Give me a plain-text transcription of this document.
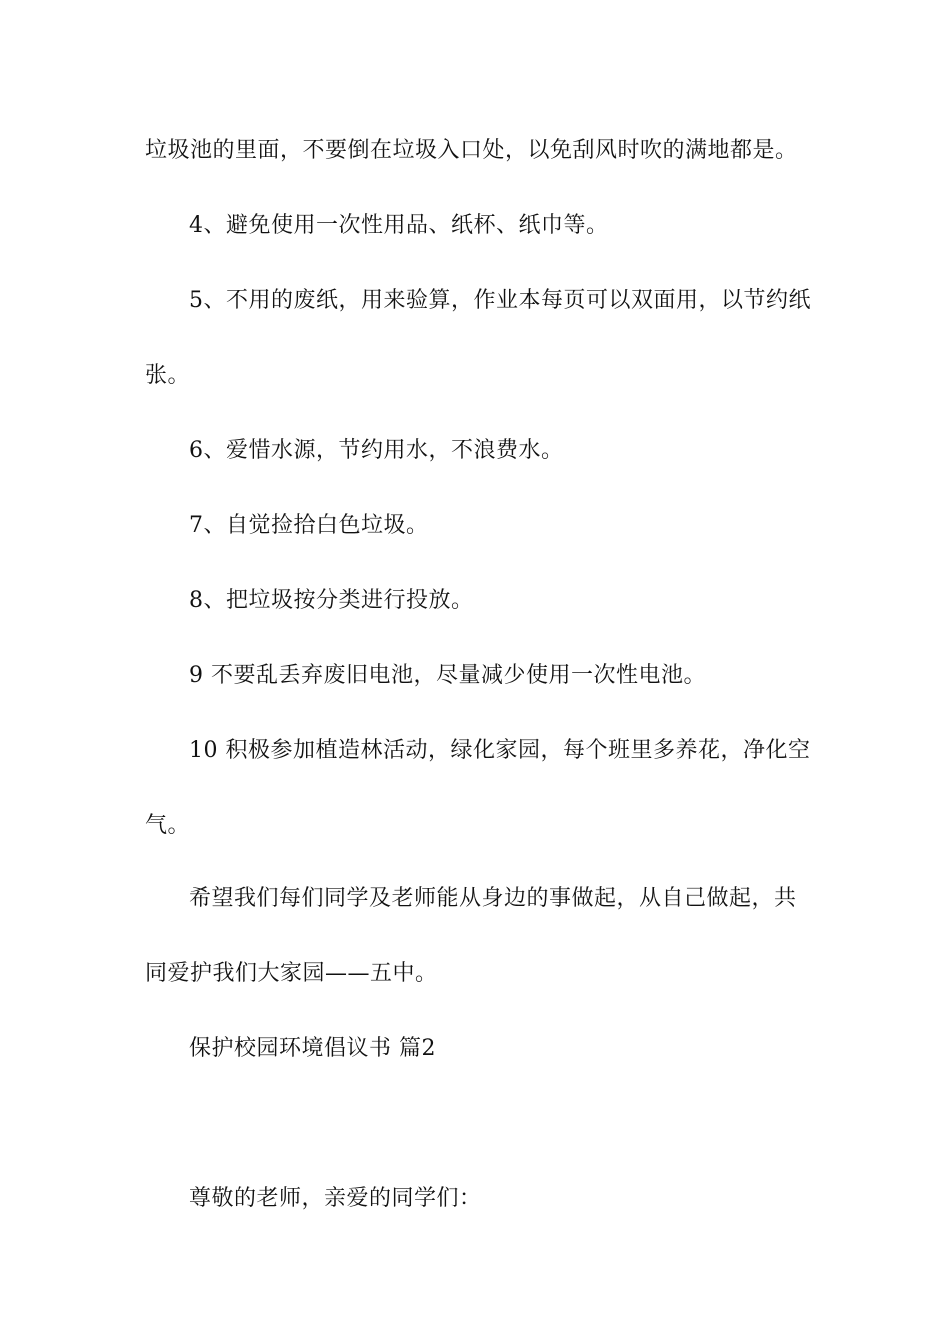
垃圾池的里面，不要倒在垃圾入口处，以免刮风时吹的满地都是。
4、避免使用一次性用品、纸杯、纸巾等。
5、不用的废纸，用来验算，作业本每页可以双面用，以节约纸
张。
6、爱惜水源，节约用水，不浪费水。
7、自觉捡拾白色垃圾。
8、把垃圾按分类进行投放。
9 不要乱丢弃废旧电池，尽量减少使用一次性电池。
10 积极参加植造林活动，绿化家园，每个班里多养花，净化空
气。
希望我们每们同学及老师能从身边的事做起，从自己做起，共
同爱护我们大家园——五中。
保护校园环境倡议书 篇2
尊敬的老师，亲爱的同学们：
